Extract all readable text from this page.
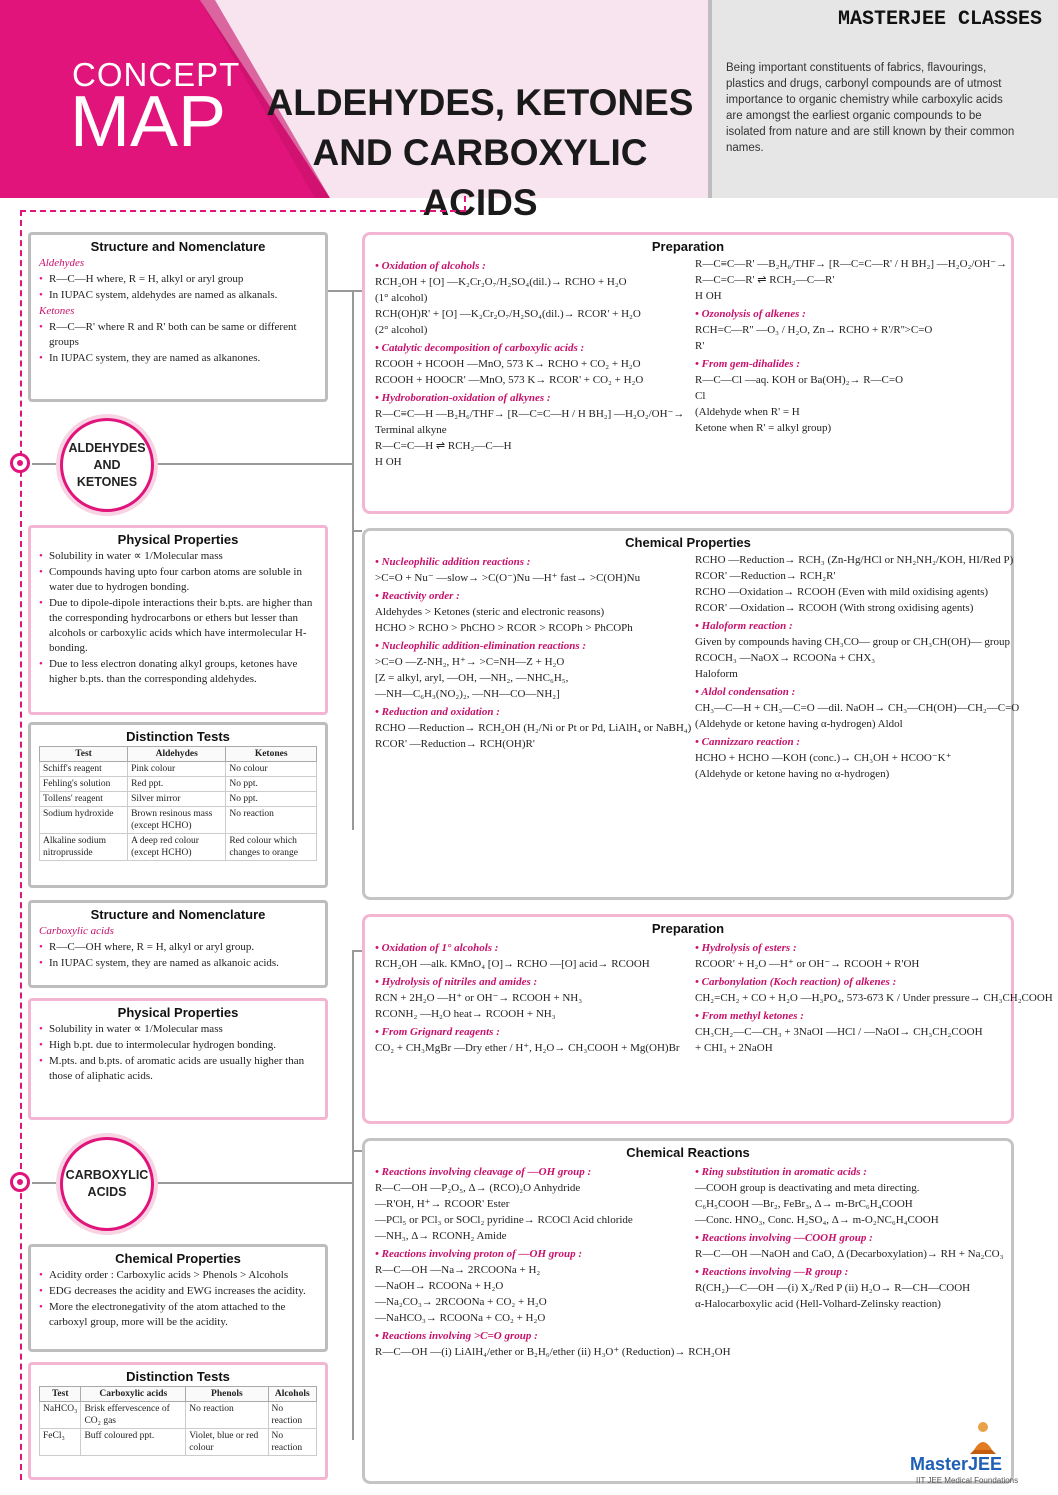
CONCEPT
MAP	ALDEHYDES, KETONES
AND CARBOXYLIC ACIDS
MASTERJEE CLASSES
Being important constituents of fabrics, flavourings, plastics and drugs, carbonyl compounds are of utmost importance to organic chemistry while carboxylic acids are amongst the earliest organic compounds to be isolated from nature and are still known by their common names.
ALDEHYDES AND KETONES
CARBOXYLIC ACIDS
Structure and Nomenclature
Aldehydes
• R—C—H where, R = H, alkyl or aryl group
• In IUPAC system, aldehydes are named as alkanals.
Ketones
• R—C—R' where R and R' both can be same or different groups
• In IUPAC system, they are named as alkanones.
Physical Properties
• Solubility in water ∝ 1/Molecular mass
• Compounds having upto four carbon atoms are soluble in water due to hydrogen bonding.
• Due to dipole-dipole interactions their b.pts. are higher than the corresponding hydrocarbons or ethers but lesser than alcohols or carboxylic acids which have intermolecular H-bonding.
• Due to less electron donating alkyl groups, ketones have higher b.pts. than the corresponding aldehydes.
Distinction Tests
Test	Aldehydes	Ketones
Schiff's reagent	Pink colour	No colour
Fehling's solution	Red ppt.	No ppt.
Tollens' reagent	Silver mirror	No ppt.
Sodium hydroxide	Brown resinous mass (except HCHO)	No reaction
Alkaline sodium nitroprusside	A deep red colour (except HCHO)	Red colour which changes to orange
Structure and Nomenclature
Carboxylic acids
• R—C—OH where, R = H, alkyl or aryl group.
• In IUPAC system, they are named as alkanoic acids.
Physical Properties
• Solubility in water ∝ 1/Molecular mass
• High b.pt. due to intermolecular hydrogen bonding.
• M.pts. and b.pts. of aromatic acids are usually higher than those of aliphatic acids.
Chemical Properties
• Acidity order : Carboxylic acids > Phenols > Alcohols
• EDG decreases the acidity and EWG increases the acidity.
• More the electronegativity of the atom attached to the carboxyl group, more will be the acidity.
Distinction Tests
Test	Carboxylic acids	Phenols	Alcohols
NaHCO₃	Brisk effervescence of CO₂ gas	No reaction	No reaction
FeCl₃	Buff coloured ppt.	Violet, blue or red colour	No reaction
Preparation

• Oxidation of alcohols :

RCH₂OH + [O] —K₂Cr₂O₇/H₂SO₄(dil.)→ RCHO + H₂O

(1° alcohol)

RCH(OH)R' + [O] —K₂Cr₂O₇/H₂SO₄(dil.)→ RCOR' + H₂O

(2° alcohol)

• Catalytic decomposition of carboxylic acids :

RCOOH + HCOOH —MnO, 573 K→ RCHO + CO₂ + H₂O

RCOOH + HOOCR' —MnO, 573 K→ RCOR' + CO₂ + H₂O

• Hydroboration-oxidation of alkynes :

R—C≡C—H —B₂H₆/THF→ [R—C=C—H / H BH₂] —H₂O₂/OH⁻→

Terminal alkyne

R—C=C—H ⇌ RCH₂—C—H

H OH

R—C≡C—R' —B₂H₆/THF→ [R—C=C—R' / H BH₂] —H₂O₂/OH⁻→

R—C=C—R' ⇌ RCH₂—C—R'

H OH

• Ozonolysis of alkenes :

RCH=C—R'' —O₃ / H₂O, Zn→ RCHO + R'/R''>C=O

R'

• From gem-dihalides :

R—C—Cl —aq. KOH or Ba(OH)₂→ R—C=O

Cl

(Aldehyde when R' = H

Ketone when R' = alkyl group)

Chemical Properties

• Nucleophilic addition reactions :

>C=O + Nu⁻ —slow→ >C(O⁻)Nu —H⁺ fast→ >C(OH)Nu

• Reactivity order :

Aldehydes > Ketones (steric and electronic reasons)

HCHO > RCHO > PhCHO > RCOR > RCOPh > PhCOPh

• Nucleophilic addition-elimination reactions :

>C=O —Z-NH₂, H⁺→ >C=NH—Z + H₂O

[Z = alkyl, aryl, —OH, —NH₂, —NHC₆H₅,

—NH—C₆H₃(NO₂)₂, —NH—CO—NH₂]

• Reduction and oxidation :

RCHO —Reduction→ RCH₂OH (H₂/Ni or Pt or Pd, LiAlH₄ or NaBH₄)

RCOR' —Reduction→ RCH(OH)R'

RCHO —Reduction→ RCH₃ (Zn-Hg/HCl or NH₂NH₂/KOH, HI/Red P)

RCOR' —Reduction→ RCH₂R'

RCHO —Oxidation→ RCOOH (Even with mild oxidising agents)

RCOR' —Oxidation→ RCOOH (With strong oxidising agents)

• Haloform reaction :

Given by compounds having CH₃CO— group or CH₃CH(OH)— group

RCOCH₃ —NaOX→ RCOONa + CHX₃

Haloform

• Aldol condensation :

CH₃—C—H + CH₃—C=O —dil. NaOH→ CH₃—CH(OH)—CH₂—C=O

(Aldehyde or ketone having α-hydrogen) Aldol

• Cannizzaro reaction :

HCHO + HCHO —KOH (conc.)→ CH₃OH + HCOO⁻K⁺

(Aldehyde or ketone having no α-hydrogen)

Preparation

• Oxidation of 1° alcohols :

RCH₂OH —alk. KMnO₄ [O]→ RCHO —[O] acid→ RCOOH

• Hydrolysis of nitriles and amides :

RCN + 2H₂O —H⁺ or OH⁻→ RCOOH + NH₃

RCONH₂ —H₂O heat→ RCOOH + NH₃

• From Grignard reagents :

CO₂ + CH₃MgBr —Dry ether / H⁺, H₂O→ CH₃COOH + Mg(OH)Br

• Hydrolysis of esters :

RCOOR' + H₂O —H⁺ or OH⁻→ RCOOH + R'OH

• Carbonylation (Koch reaction) of alkenes :

CH₂=CH₂ + CO + H₂O —H₃PO₄, 573-673 K / Under pressure→ CH₃CH₂COOH

• From methyl ketones :

CH₃CH₂—C—CH₃ + 3NaOI —HCl / —NaOI→ CH₃CH₂COOH

+ CHI₃ + 2NaOH

Chemical Reactions

• Reactions involving cleavage of —OH group :

R—C—OH —P₂O₅, Δ→ (RCO)₂O Anhydride

—R'OH, H⁺→ RCOOR' Ester

—PCl₅ or PCl₃ or SOCl₂ pyridine→ RCOCl Acid chloride

—NH₃, Δ→ RCONH₂ Amide

• Reactions involving proton of —OH group :

R—C—OH —Na→ 2RCOONa + H₂

—NaOH→ RCOONa + H₂O

—Na₂CO₃→ 2RCOONa + CO₂ + H₂O

—NaHCO₃→ RCOONa + CO₂ + H₂O

• Reactions involving >C=O group :

R—C—OH —(i) LiAlH₄/ether or B₂H₆/ether (ii) H₃O⁺ (Reduction)→ RCH₂OH

• Ring substitution in aromatic acids :

—COOH group is deactivating and meta directing.

C₆H₅COOH —Br₂, FeBr₃, Δ→ m-BrC₆H₄COOH

—Conc. HNO₃, Conc. H₂SO₄, Δ→ m-O₂NC₆H₄COOH

• Reactions involving —COOH group :

R—C—OH —NaOH and CaO, Δ (Decarboxylation)→ RH + Na₂CO₃

• Reactions involving —R group :

R(CH₂)—C—OH —(i) X₂/Red P (ii) H₂O→ R—CH—COOH

α-Halocarboxylic acid (Hell-Volhard-Zelinsky reaction)

MasterJEE
IIT JEE Medical Foundations
